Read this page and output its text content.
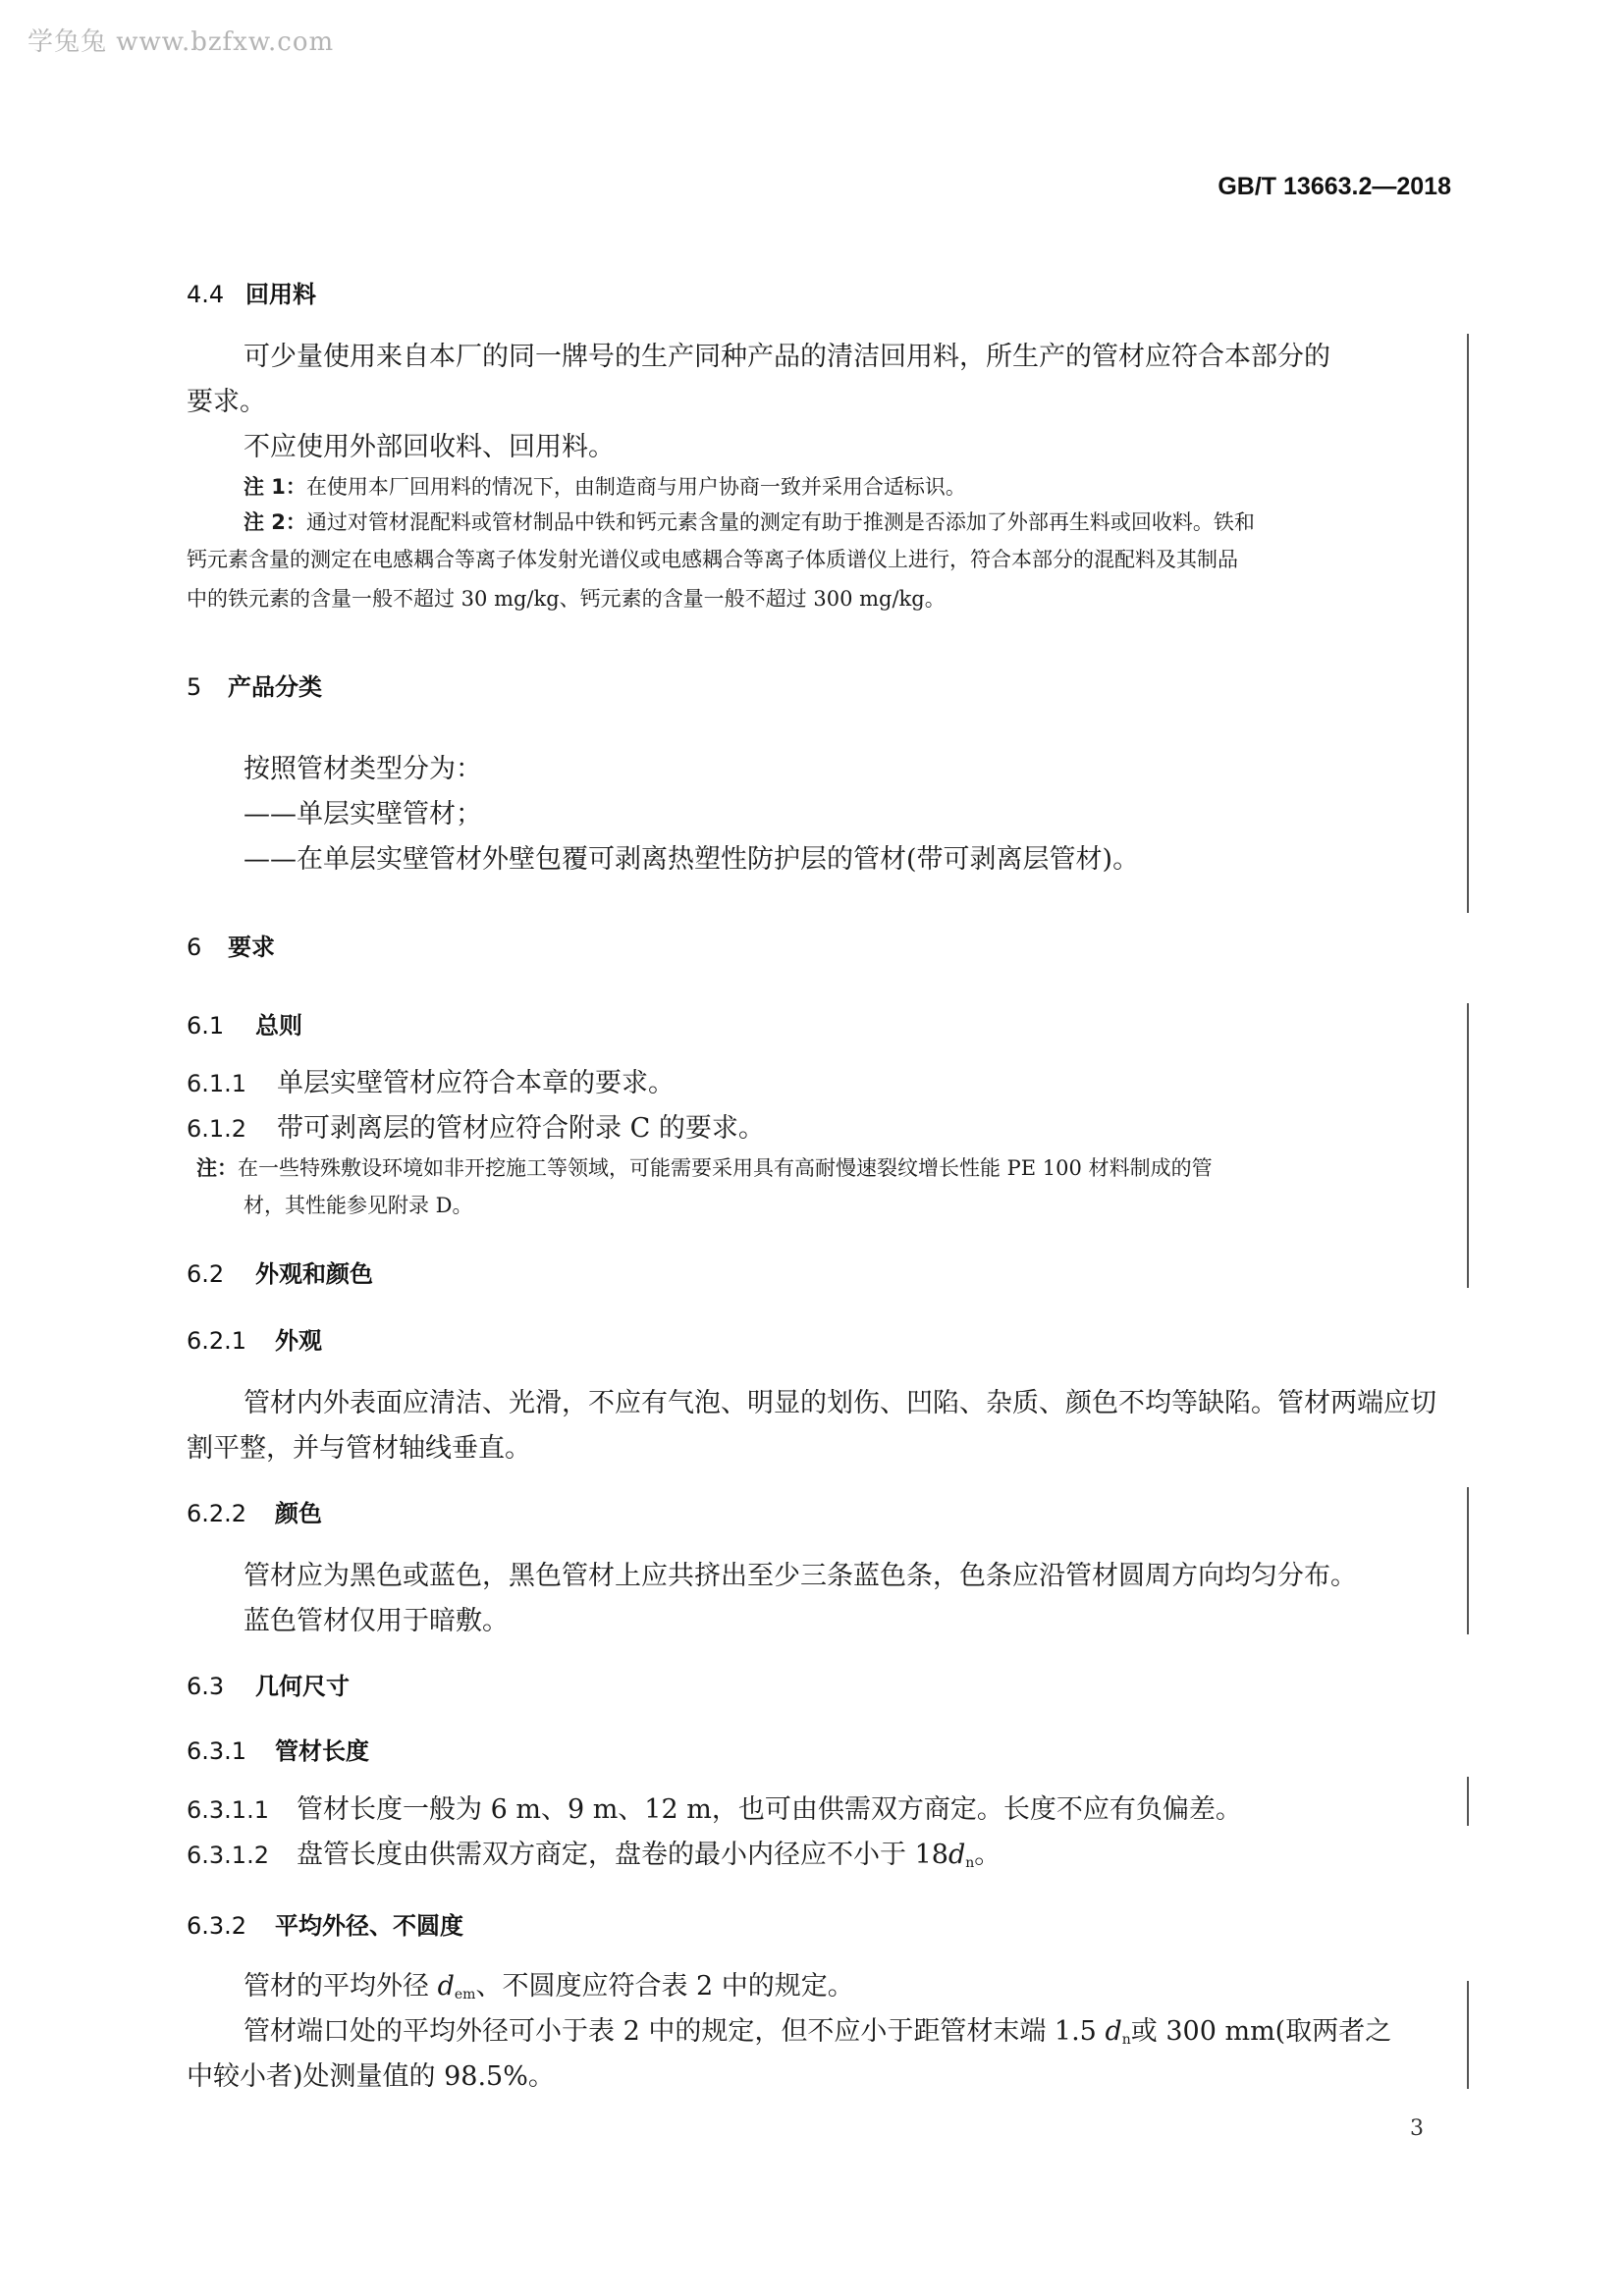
学兔兔 www.bzfxw.com
GB/T 13663.2—2018
4.4 回用料
可少量使用来自本厂的同一牌号的生产同种产品的清洁回用料，所生产的管材应符合本部分的
要求。
不应使用外部回收料、回用料。
注 1：在使用本厂回用料的情况下，由制造商与用户协商一致并采用合适标识。
注 2：通过对管材混配料或管材制品中铁和钙元素含量的测定有助于推测是否添加了外部再生料或回收料。铁和
钙元素含量的测定在电感耦合等离子体发射光谱仪或电感耦合等离子体质谱仪上进行，符合本部分的混配料及其制品
中的铁元素的含量一般不超过 30 mg/kg、钙元素的含量一般不超过 300 mg/kg。
5 产品分类
按照管材类型分为：
——单层实壁管材；
——在单层实壁管材外壁包覆可剥离热塑性防护层的管材(带可剥离层管材)。
6 要求
6.1 总则
6.1.1 单层实壁管材应符合本章的要求。
6.1.2 带可剥离层的管材应符合附录 C 的要求。
注：在一些特殊敷设环境如非开挖施工等领域，可能需要采用具有高耐慢速裂纹增长性能 PE 100 材料制成的管
材，其性能参见附录 D。
6.2 外观和颜色
6.2.1 外观
管材内外表面应清洁、光滑，不应有气泡、明显的划伤、凹陷、杂质、颜色不均等缺陷。管材两端应切
割平整，并与管材轴线垂直。
6.2.2 颜色
管材应为黑色或蓝色，黑色管材上应共挤出至少三条蓝色条，色条应沿管材圆周方向均匀分布。
蓝色管材仅用于暗敷。
6.3 几何尺寸
6.3.1 管材长度
6.3.1.1 管材长度一般为 6 m、9 m、12 m，也可由供需双方商定。长度不应有负偏差。
6.3.1.2 盘管长度由供需双方商定，盘卷的最小内径应不小于 $18d_n$。
6.3.2 平均外径、不圆度
管材的平均外径 $d_{em}$、不圆度应符合表 2 中的规定。
管材端口处的平均外径可小于表 2 中的规定，但不应小于距管材末端 1.5 $d_n$或 300 mm(取两者之
中较小者)处测量值的 98.5%。
3
